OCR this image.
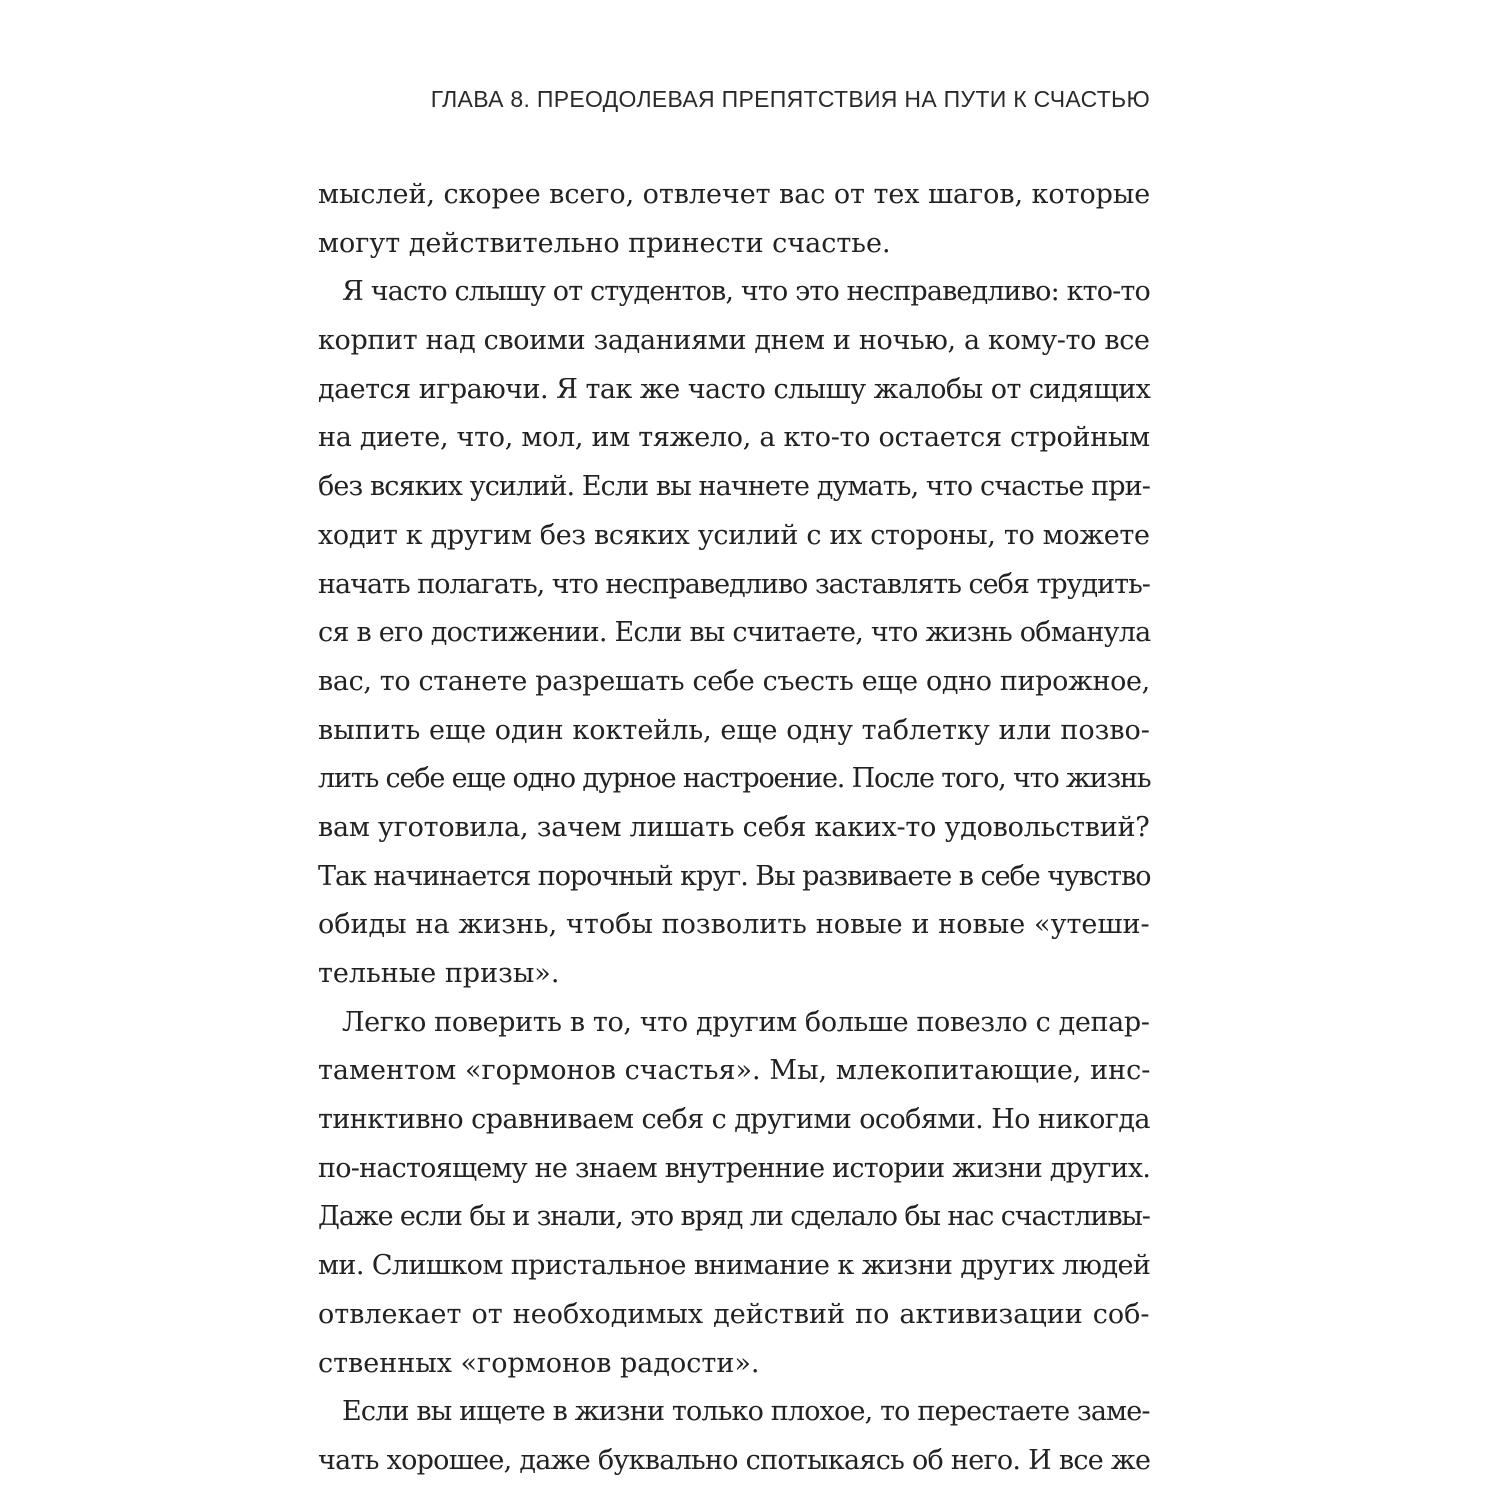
ГЛАВА 8. ПРЕОДОЛЕВАЯ ПРЕПЯТСТВИЯ НА ПУТИ К СЧАСТЬЮ
мыслей, скорее всего, отвлечет вас от тех шагов, которые
могут действительно принести счастье.
Я часто слышу от студентов, что это несправедливо: кто-то
корпит над своими заданиями днем и ночью, а кому-то все
дается играючи. Я так же часто слышу жалобы от сидящих
на диете, что, мол, им тяжело, а кто-то остается стройным
без всяких усилий. Если вы начнете думать, что счастье при-
ходит к другим без всяких усилий с их стороны, то можете
начать полагать, что несправедливо заставлять себя трудить-
ся в его достижении. Если вы считаете, что жизнь обманула
вас, то станете разрешать себе съесть еще одно пирожное,
выпить еще один коктейль, еще одну таблетку или позво-
лить себе еще одно дурное настроение. После того, что жизнь
вам уготовила, зачем лишать себя каких-то удовольствий?
Так начинается порочный круг. Вы развиваете в себе чувство
обиды на жизнь, чтобы позволить новые и новые «утеши-
тельные призы».
Легко поверить в то, что другим больше повезло с депар-
таментом «гормонов счастья». Мы, млекопитающие, инс-
тинктивно сравниваем себя с другими особями. Но никогда
по-настоящему не знаем внутренние истории жизни других.
Даже если бы и знали, это вряд ли сделало бы нас счастливы-
ми. Слишком пристальное внимание к жизни других людей
отвлекает от необходимых действий по активизации соб-
ственных «гормонов радости».
Если вы ищете в жизни только плохое, то перестаете заме-
чать хорошее, даже буквально спотыкаясь об него. И все же
